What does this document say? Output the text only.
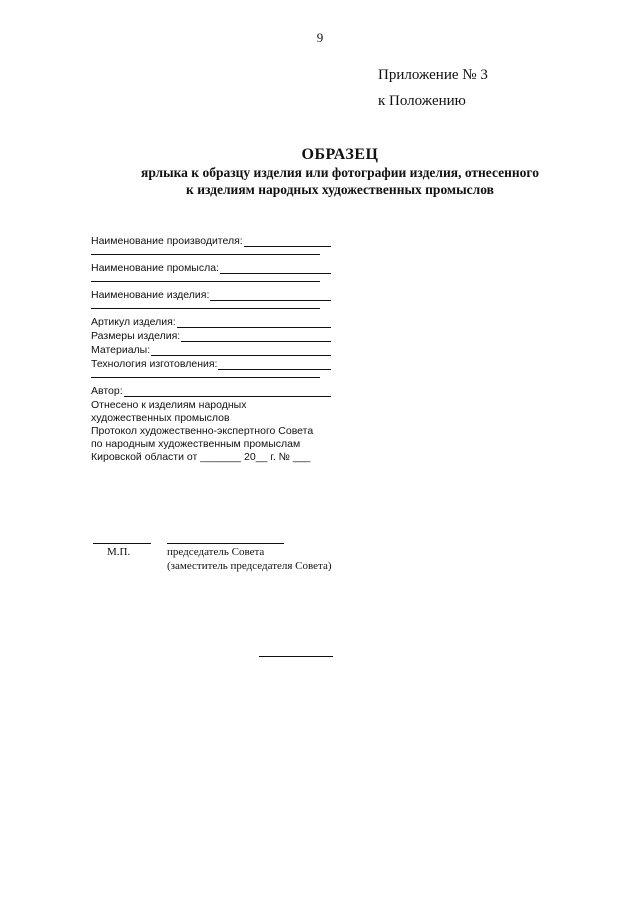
9
Приложение № 3
к Положению
ОБРАЗЕЦ
ярлыка к образцу изделия или фотографии изделия, отнесенного
к изделиям народных художественных промыслов
Наименование производителя:
Наименование промысла:
Наименование изделия:
Артикул изделия:
Размеры изделия:
Материалы:
Технология изготовления:
Автор:
Отнесено к изделиям народных
художественных промыслов
Протокол художественно-экспертного Совета
по народным художественным промыслам
Кировской области от _______ 20__ г. № ___
М.П.	председатель Совета
(заместитель председателя Совета)
